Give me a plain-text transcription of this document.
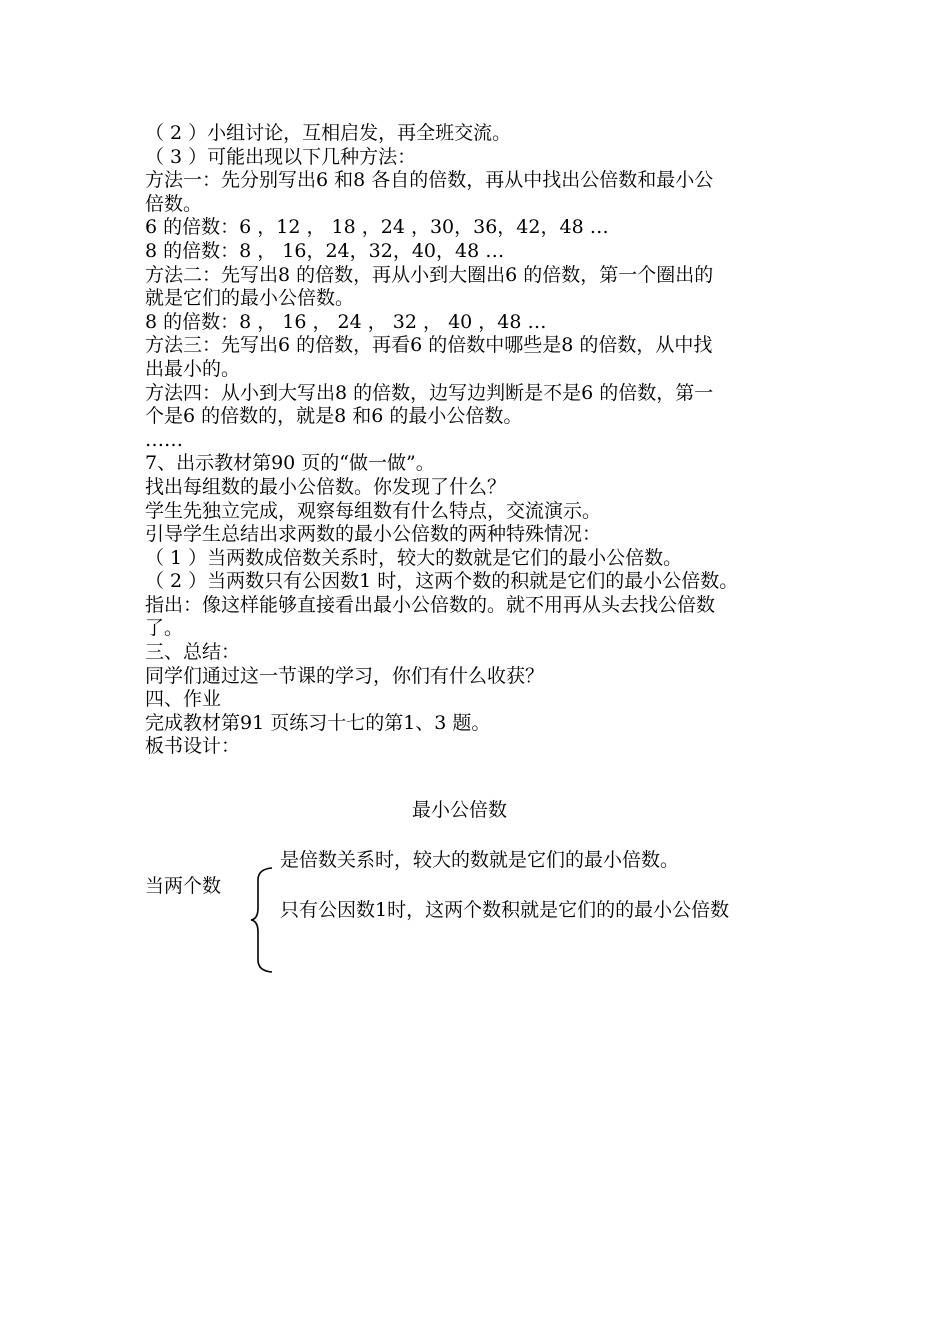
（ 2 ）小组讨论，互相启发，再全班交流。
（ 3 ）可能出现以下几种方法：
方法一：先分别写出6 和8 各自的倍数，再从中找出公倍数和最小公
倍数。
6 的倍数：6 ，12 ， 18 ，24 ，30，36，42，48 …
8 的倍数：8 ， 16，24，32，40，48 …
方法二：先写出8 的倍数，再从小到大圈出6 的倍数，第一个圈出的
就是它们的最小公倍数。
8 的倍数：8 ， 16 ， 24 ， 32 ， 40 ，48 …
方法三：先写出6 的倍数，再看6 的倍数中哪些是8 的倍数，从中找
出最小的。
方法四：从小到大写出8 的倍数，边写边判断是不是6 的倍数，第一
个是6 的倍数的，就是8 和6 的最小公倍数。
……
7、出示教材第90 页的“做一做”。
找出每组数的最小公倍数。你发现了什么？
学生先独立完成，观察每组数有什么特点，交流演示。
引导学生总结出求两数的最小公倍数的两种特殊情况：
（ 1 ）当两数成倍数关系时，较大的数就是它们的最小公倍数。
（ 2 ）当两数只有公因数1 时，这两个数的积就是它们的最小公倍数。
指出：像这样能够直接看出最小公倍数的。就不用再从头去找公倍数
了。
三、总结：
同学们通过这一节课的学习，你们有什么收获？
四、作业
完成教材第91 页练习十七的第1、3 题。
板书设计：
最小公倍数
当两个数
是倍数关系时，较大的数就是它们的最小倍数。
只有公因数1时，这两个数积就是它们的的最小公倍数
